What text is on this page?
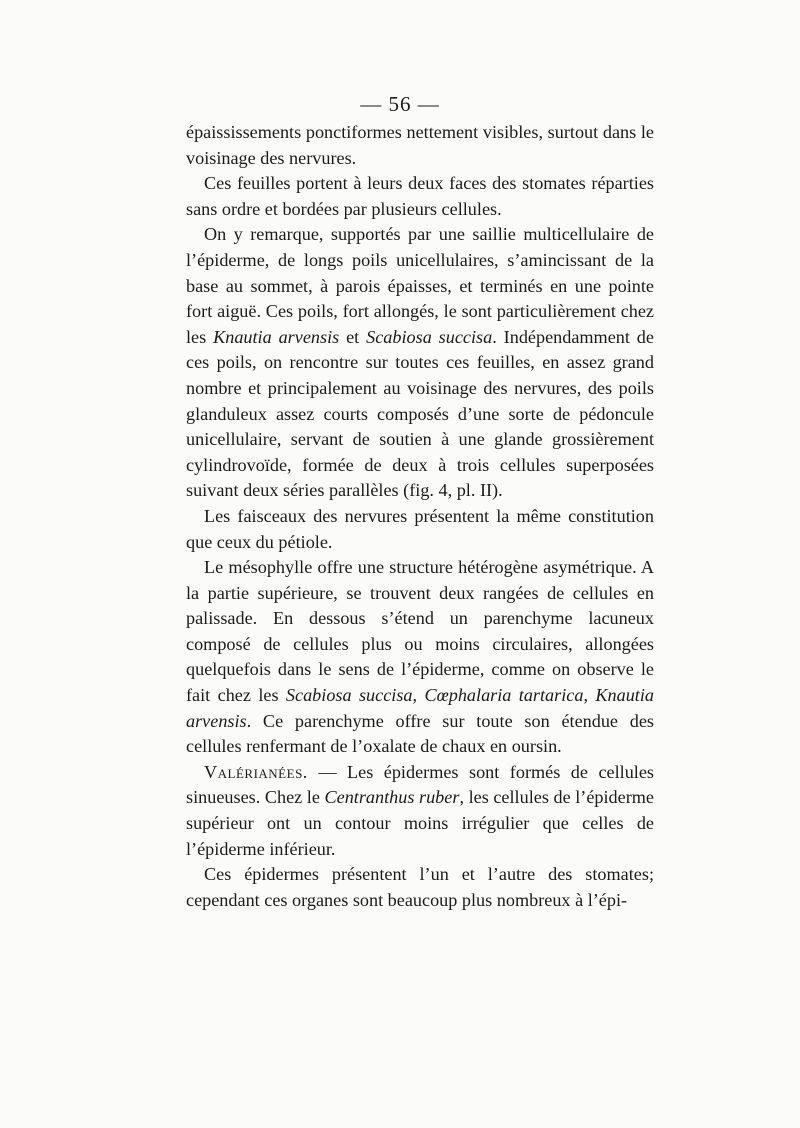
— 56 —

épaississements ponctiformes nettement visibles, surtout dans le voisinage des nervures.

Ces feuilles portent à leurs deux faces des stomates réparties sans ordre et bordées par plusieurs cellules.

On y remarque, supportés par une saillie multicellulaire de l’épiderme, de longs poils unicellulaires, s’amincissant de la base au sommet, à parois épaisses, et terminés en une pointe fort aiguë. Ces poils, fort allongés, le sont particulièrement chez les Knautia arvensis et Scabiosa succisa. Indépendamment de ces poils, on rencontre sur toutes ces feuilles, en assez grand nombre et principalement au voisinage des nervures, des poils glanduleux assez courts composés d’une sorte de pédoncule unicellulaire, servant de soutien à une glande grossièrement cylindrovoïde, formée de deux à trois cellules superposées suivant deux séries parallèles (fig. 4, pl. II).

Les faisceaux des nervures présentent la même constitution que ceux du pétiole.

Le mésophylle offre une structure hétérogène asymétrique. A la partie supérieure, se trouvent deux rangées de cellules en palissade. En dessous s’étend un parenchyme lacuneux composé de cellules plus ou moins circulaires, allongées quelquefois dans le sens de l’épiderme, comme on observe le fait chez les Scabiosa succisa, Cœphalaria tartarica, Knautia arvensis. Ce parenchyme offre sur toute son étendue des cellules renfermant de l’oxalate de chaux en oursin.

Valérianées. — Les épidermes sont formés de cellules sinueuses. Chez le Centranthus ruber, les cellules de l’épiderme supérieur ont un contour moins irrégulier que celles de l’épiderme inférieur.

Ces épidermes présentent l’un et l’autre des stomates; cependant ces organes sont beaucoup plus nombreux à l’épi-
